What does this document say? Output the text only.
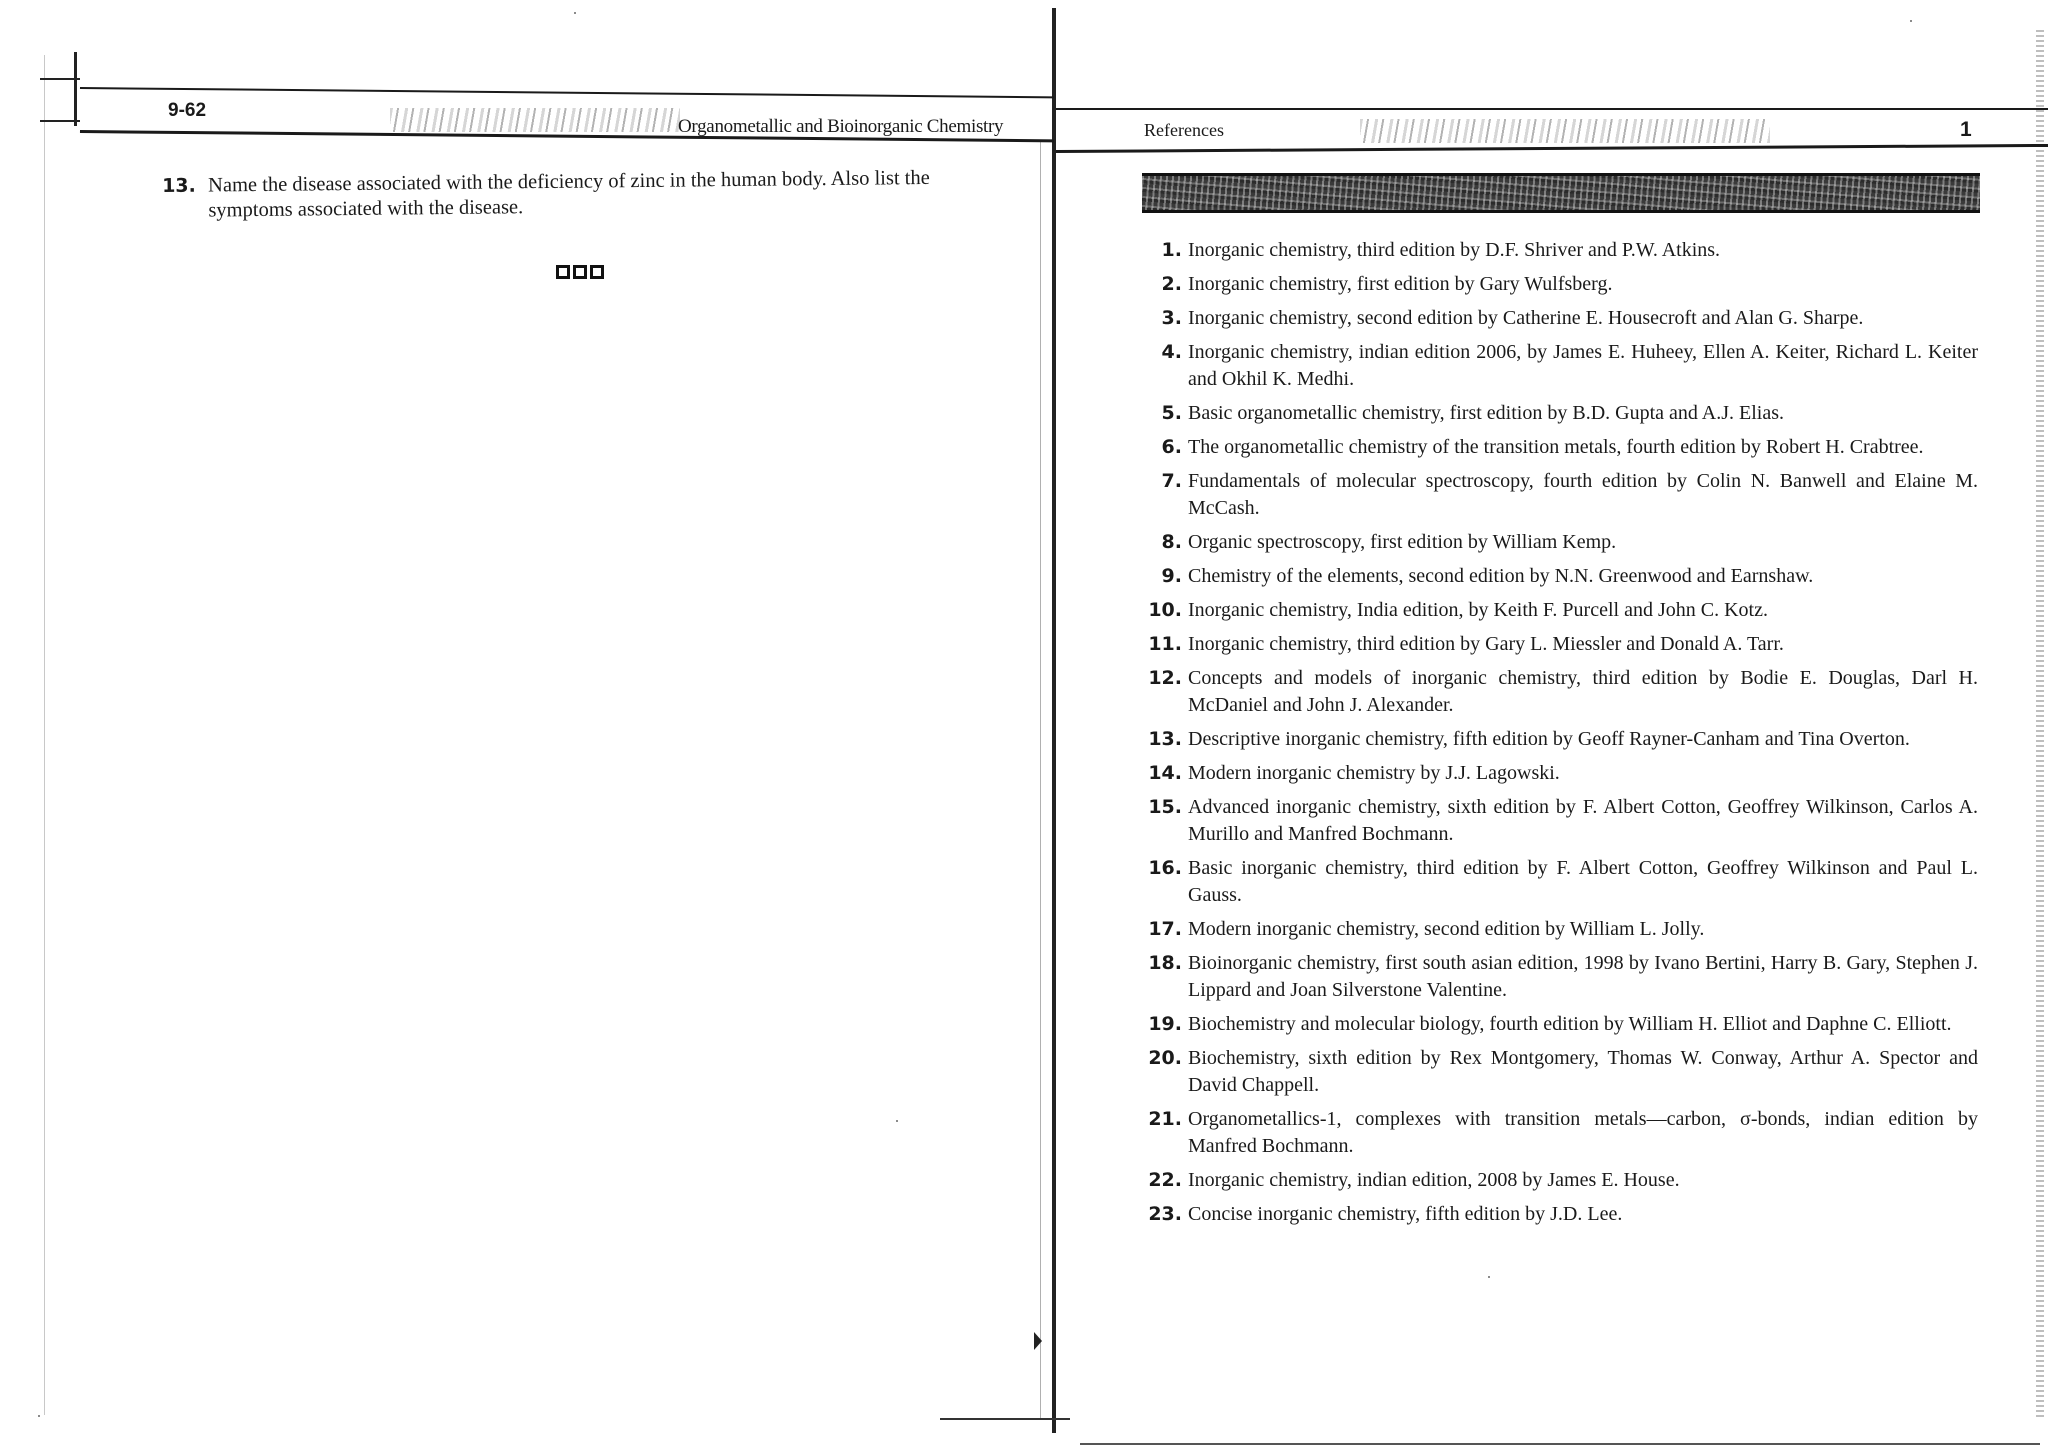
9-62
Organometallic and Bioinorganic Chemistry
13. Name the disease associated with the deficiency of zinc in the human body. Also list the symptoms associated with the disease.
References	1
1. Inorganic chemistry, third edition by D.F. Shriver and P.W. Atkins.
2. Inorganic chemistry, first edition by Gary Wulfsberg.
3. Inorganic chemistry, second edition by Catherine E. Housecroft and Alan G. Sharpe.
4. Inorganic chemistry, indian edition 2006, by James E. Huheey, Ellen A. Keiter, Richard L. Keiter and Okhil K. Medhi.
5. Basic organometallic chemistry, first edition by B.D. Gupta and A.J. Elias.
6. The organometallic chemistry of the transition metals, fourth edition by Robert H. Crabtree.
7. Fundamentals of molecular spectroscopy, fourth edition by Colin N. Banwell and Elaine M. McCash.
8. Organic spectroscopy, first edition by William Kemp.
9. Chemistry of the elements, second edition by N.N. Greenwood and Earnshaw.
10. Inorganic chemistry, India edition, by Keith F. Purcell and John C. Kotz.
11. Inorganic chemistry, third edition by Gary L. Miessler and Donald A. Tarr.
12. Concepts and models of inorganic chemistry, third edition by Bodie E. Douglas, Darl H. McDaniel and John J. Alexander.
13. Descriptive inorganic chemistry, fifth edition by Geoff Rayner-Canham and Tina Overton.
14. Modern inorganic chemistry by J.J. Lagowski.
15. Advanced inorganic chemistry, sixth edition by F. Albert Cotton, Geoffrey Wilkinson, Carlos A. Murillo and Manfred Bochmann.
16. Basic inorganic chemistry, third edition by F. Albert Cotton, Geoffrey Wilkinson and Paul L. Gauss.
17. Modern inorganic chemistry, second edition by William L. Jolly.
18. Bioinorganic chemistry, first south asian edition, 1998 by Ivano Bertini, Harry B. Gary, Stephen J. Lippard and Joan Silverstone Valentine.
19. Biochemistry and molecular biology, fourth edition by William H. Elliot and Daphne C. Elliott.
20. Biochemistry, sixth edition by Rex Montgomery, Thomas W. Conway, Arthur A. Spector and David Chappell.
21. Organometallics-1, complexes with transition metals—carbon, σ-bonds, indian edition by Manfred Bochmann.
22. Inorganic chemistry, indian edition, 2008 by James E. House.
23. Concise inorganic chemistry, fifth edition by J.D. Lee.
